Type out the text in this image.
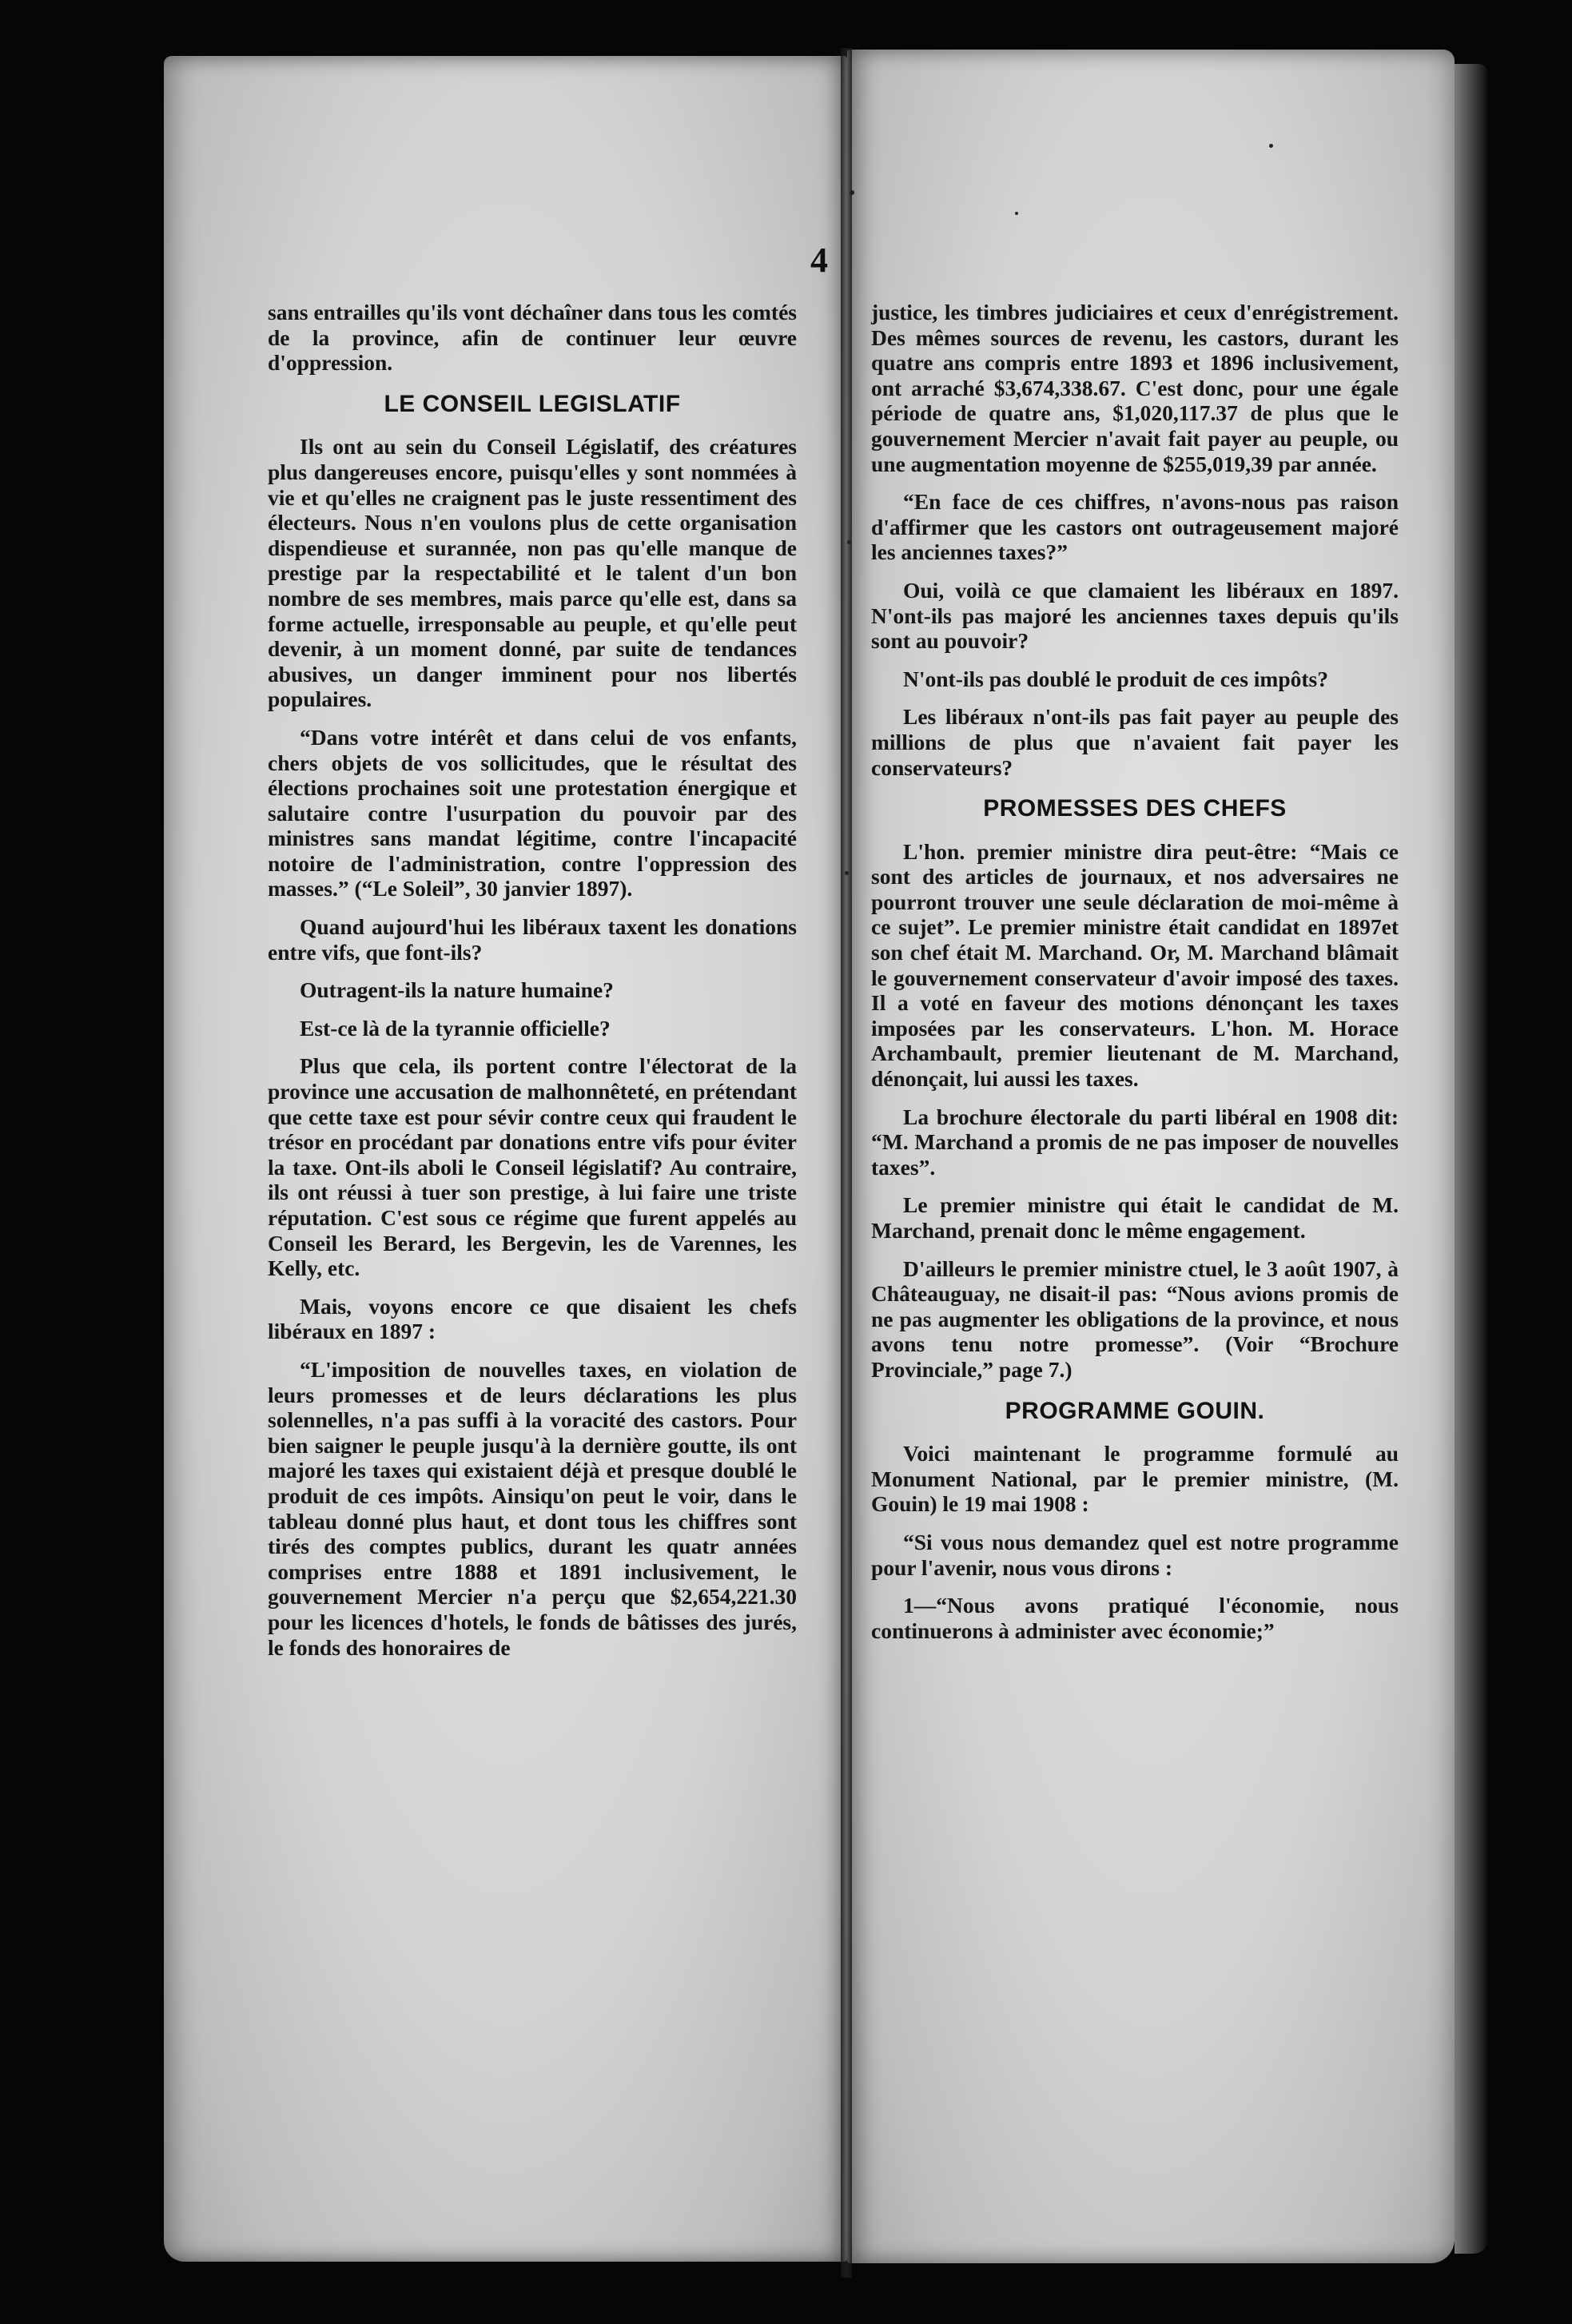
4

sans entrailles qu'ils vont déchaîner dans tous les comtés de la province, afin de continuer leur œuvre d'oppression.

LE CONSEIL LEGISLATIF

Ils ont au sein du Conseil Législatif, des créatures plus dangereuses encore, puisqu'elles y sont nommées à vie et qu'elles ne craignent pas le juste ressentiment des électeurs. Nous n'en voulons plus de cette organisation dispendieuse et surannée, non pas qu'elle manque de prestige par la respectabilité et le talent d'un bon nombre de ses membres, mais parce qu'elle est, dans sa forme actuelle, irresponsable au peuple, et qu'elle peut devenir, à un moment donné, par suite de tendances abusives, un danger imminent pour nos libertés populaires.

“Dans votre intérêt et dans celui de vos enfants, chers objets de vos sollicitudes, que le résultat des élections prochaines soit une protestation énergique et salutaire contre l'usurpation du pouvoir par des ministres sans mandat légitime, contre l'incapacité notoire de l'administration, contre l'oppression des masses.” (“Le Soleil”, 30 janvier 1897).

Quand aujourd'hui les libéraux taxent les donations entre vifs, que font-ils?

Outragent-ils la nature humaine?

Est-ce là de la tyrannie officielle?

Plus que cela, ils portent contre l'électorat de la province une accusation de malhonnêteté, en prétendant que cette taxe est pour sévir contre ceux qui fraudent le trésor en procédant par donations entre vifs pour éviter la taxe. Ont-ils aboli le Conseil législatif? Au contraire, ils ont réussi à tuer son prestige, à lui faire une triste réputation. C'est sous ce régime que furent appelés au Conseil les Berard, les Bergevin, les de Varennes, les Kelly, etc.

Mais, voyons encore ce que disaient les chefs libéraux en 1897 :

“L'imposition de nouvelles taxes, en violation de leurs promesses et de leurs déclarations les plus solennelles, n'a pas suffi à la voracité des castors. Pour bien saigner le peuple jusqu'à la dernière goutte, ils ont majoré les taxes qui existaient déjà et presque doublé le produit de ces impôts. Ainsiqu'on peut le voir, dans le tableau donné plus haut, et dont tous les chiffres sont tirés des comptes publics, durant les quatr années comprises entre 1888 et 1891 inclusivement, le gouvernement Mercier n'a perçu que $2,654,221.30 pour les licences d'hotels, le fonds de bâtisses des jurés, le fonds des honoraires de

justice, les timbres judiciaires et ceux d'enrégistrement. Des mêmes sources de revenu, les castors, durant les quatre ans compris entre 1893 et 1896 inclusivement, ont arraché $3,674,338.67. C'est donc, pour une égale période de quatre ans, $1,020,117.37 de plus que le gouvernement Mercier n'avait fait payer au peuple, ou une augmentation moyenne de $255,019,39 par année.

“En face de ces chiffres, n'avons-nous pas raison d'affirmer que les castors ont outrageusement majoré les anciennes taxes?”

Oui, voilà ce que clamaient les libéraux en 1897. N'ont-ils pas majoré les anciennes taxes depuis qu'ils sont au pouvoir?

N'ont-ils pas doublé le produit de ces impôts?

Les libéraux n'ont-ils pas fait payer au peuple des millions de plus que n'avaient fait payer les conservateurs?

PROMESSES DES CHEFS

L'hon. premier ministre dira peut-être: “Mais ce sont des articles de journaux, et nos adversaires ne pourront trouver une seule déclaration de moi-même à ce sujet”. Le premier ministre était candidat en 1897et son chef était M. Marchand. Or, M. Marchand blâmait le gouvernement conservateur d'avoir imposé des taxes. Il a voté en faveur des motions dénonçant les taxes imposées par les conservateurs. L'hon. M. Horace Archambault, premier lieutenant de M. Marchand, dénonçait, lui aussi les taxes.

La brochure électorale du parti libéral en 1908 dit: “M. Marchand a promis de ne pas imposer de nouvelles taxes”.

Le premier ministre qui était le candidat de M. Marchand, prenait donc le même engagement.

D'ailleurs le premier ministre ctuel, le 3 août 1907, à Châteauguay, ne disait-il pas: “Nous avions promis de ne pas augmenter les obligations de la province, et nous avons tenu notre promesse”. (Voir “Brochure Provinciale,” page 7.)

PROGRAMME GOUIN.

Voici maintenant le programme formulé au Monument National, par le premier ministre, (M. Gouin) le 19 mai 1908 :

“Si vous nous demandez quel est notre programme pour l'avenir, nous vous dirons :

1—“Nous avons pratiqué l'économie, nous continuerons à administer avec économie;”
